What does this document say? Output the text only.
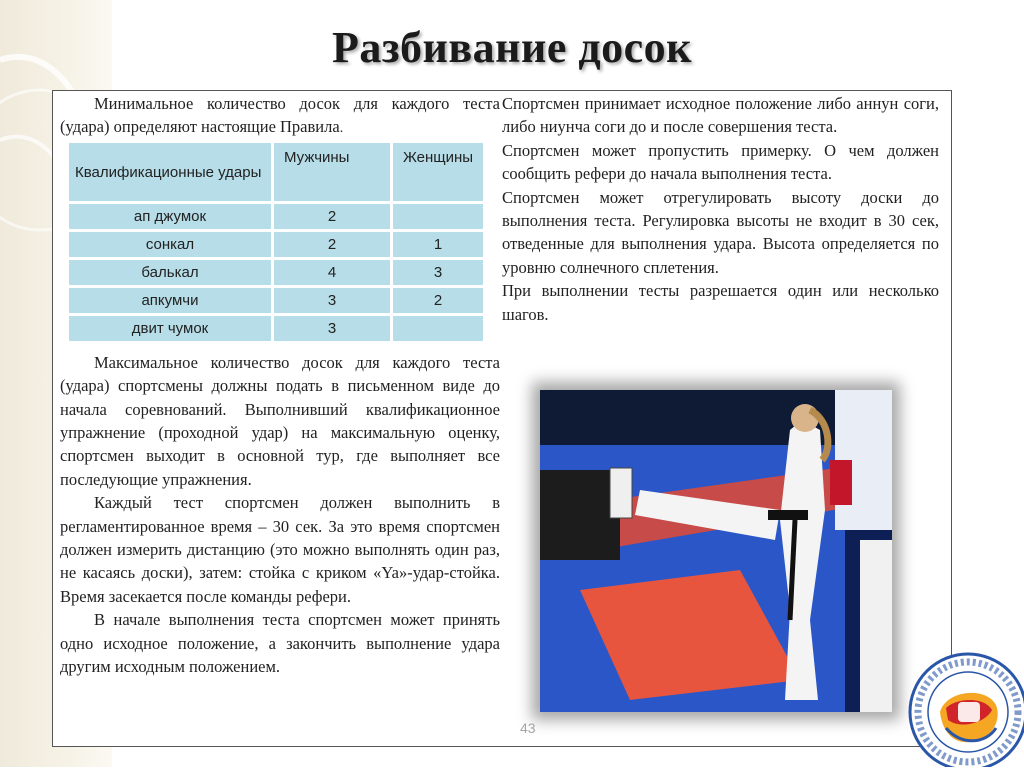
Разбивание досок

Минимальное количество досок для каждого теста (удара) определяют настоящие Правила.

Максимальное количество досок для каждого теста (удара) спортсмены должны подать в письменном виде до начала соревнований. Выполнивший квалификационное упражнение (проходной удар) на максимальную оценку, спортсмен выходит в основной тур, где выполняет все последующие упражнения.

Каждый тест спортсмен должен выполнить в регламентированное время – 30 сек. За это время спортсмен должен измерить дистанцию (это можно выполнять один раз, не касаясь доски), затем: стойка с криком «Ya»-удар-стойка. Время засекается после команды рефери.

В начале выполнения теста спортсмен может принять одно исходное положение, а закончить выполнение удара другим исходным положением.

Квалификационные удары	Мужчины	Женщины
ап джумок	2	
сонкал	2	1
балькал	4	3
апкумчи	3	2
двит чумок	3	

Спортсмен принимает исходное положение либо аннун соги, либо ниунча соги до и после совершения теста.

Спортсмен может пропустить примерку. О чем должен сообщить рефери до начала выполнения теста.

Спортсмен может отрегулировать высоту доски до выполнения теста. Регулировка высоты не входит в 30 сек, отведенные для выполнения удара. Высота определяется по уровню солнечного сплетения.

При выполнении тесты разрешается один или несколько шагов.

43
